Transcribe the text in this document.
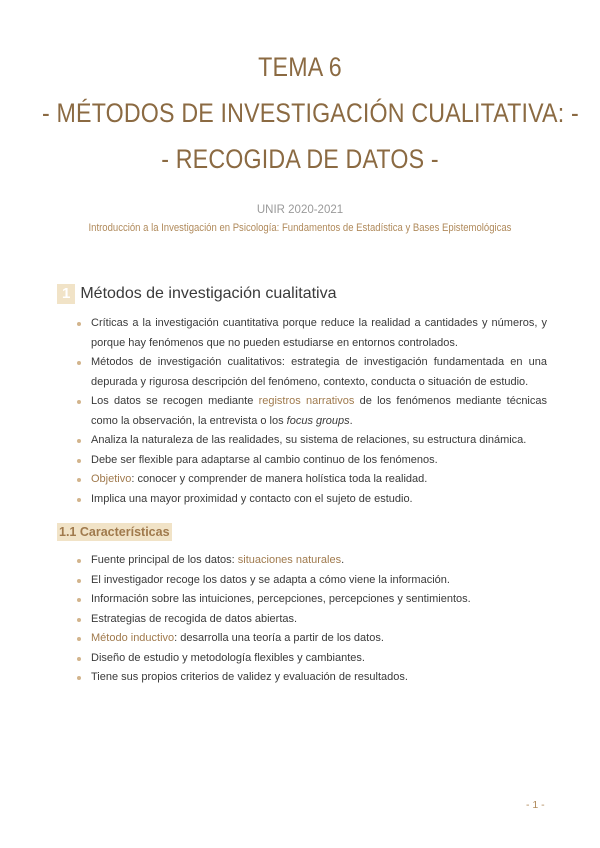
TEMA 6
- MÉTODOS DE INVESTIGACIÓN CUALITATIVA: -
- RECOGIDA DE DATOS -
UNIR 2020-2021
Introducción a la Investigación en Psicología: Fundamentos de Estadística y Bases Epistemológicas
1 Métodos de investigación cualitativa
Críticas a la investigación cuantitativa porque reduce la realidad a cantidades y números, y porque hay fenómenos que no pueden estudiarse en entornos controlados.
Métodos de investigación cualitativos: estrategia de investigación fundamentada en una depurada y rigurosa descripción del fenómeno, contexto, conducta o situación de estudio.
Los datos se recogen mediante registros narrativos de los fenómenos mediante técnicas como la observación, la entrevista o los focus groups.
Analiza la naturaleza de las realidades, su sistema de relaciones, su estructura dinámica.
Debe ser flexible para adaptarse al cambio continuo de los fenómenos.
Objetivo: conocer y comprender de manera holística toda la realidad.
Implica una mayor proximidad y contacto con el sujeto de estudio.
1.1 Características
Fuente principal de los datos: situaciones naturales.
El investigador recoge los datos y se adapta a cómo viene la información.
Información sobre las intuiciones, percepciones, percepciones y sentimientos.
Estrategias de recogida de datos abiertas.
Método inductivo: desarrolla una teoría a partir de los datos.
Diseño de estudio y metodología flexibles y cambiantes.
Tiene sus propios criterios de validez y evaluación de resultados.
- 1 -
